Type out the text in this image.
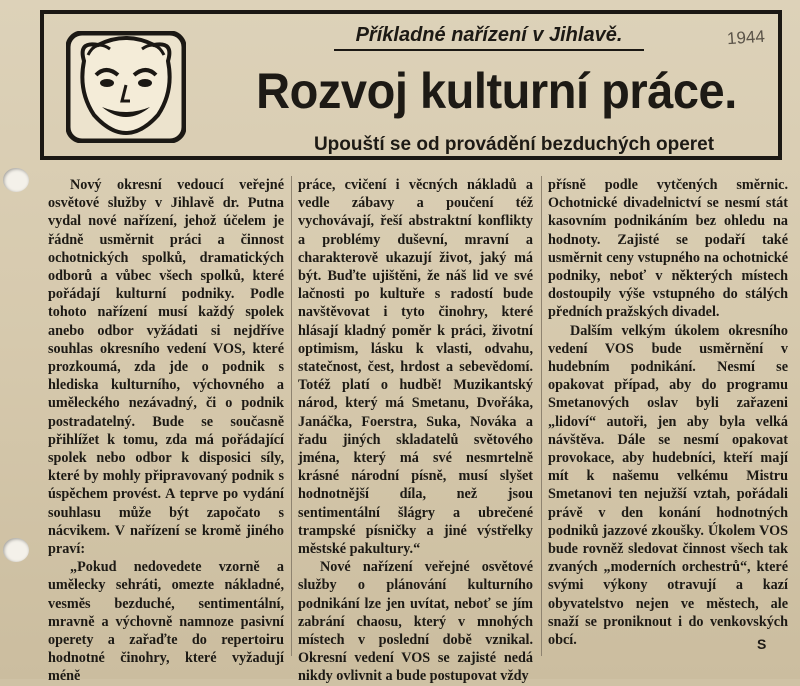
Příkladné nařízení v Jihlavě.	1944
Rozvoj kulturní práce.
Upouští se od provádění bezduchých operet

Nový okresní vedoucí veřejné osvětové služby v Jihlavě dr. Putna vydal nové nařízení, jehož účelem je řádně usměrnit práci a činnost ochotnických spolků, dramatických odborů a vůbec všech spolků, které pořádají kulturní podniky. Podle tohoto nařízení musí každý spolek anebo odbor vyžádati si nejdříve souhlas okresního vedení VOS, které prozkoumá, zda jde o podnik s hlediska kulturního, výchovného a uměleckého nezávadný, či o podnik postradatelný. Bude se současně přihlížet k tomu, zda má pořádající spolek nebo odbor k disposici síly, které by mohly připravovaný podnik s úspěchem provést. A teprve po vydání souhlasu může být započato s nácvikem. V nařízení se kromě jiného praví:

„Pokud nedovedete vzorně a umělecky sehráti, omezte nákladné, vesměs bezduché, sentimentální, mravně a výchovně namnoze pasivní operety a zařaďte do repertoiru hodnotné činohry, které vyžadují méně

práce, cvičení i věcných nákladů a vedle zábavy a poučení též vychovávají, řeší abstraktní konflikty a problémy duševní, mravní a charakterově ukazují život, jaký má být. Buďte ujištěni, že náš lid ve své lačnosti po kultuře s radostí bude navštěvovat i tyto činohry, které hlásají kladný poměr k práci, životní optimism, lásku k vlasti, odvahu, statečnost, čest, hrdost a sebevědomí. Totéž platí o hudbě! Muzikantský národ, který má Smetanu, Dvořáka, Janáčka, Foerstra, Suka, Nováka a řadu jiných skladatelů světového jména, který má své nesmrtelně krásné národní písně, musí slyšet hodnotnější díla, než jsou sentimentální šlágry a ubrečené trampské písničky a jiné výstřelky městské pakultury.“

Nové nařízení veřejné osvětové služby o plánování kulturního podnikání lze jen uvítat, neboť se jím zabrání chaosu, který v mnohých místech v poslední době vznikal. Okresní vedení VOS se zajisté nedá nikdy ovlivnit a bude postupovat vždy

přísně podle vytčených směrnic. Ochotnické divadelnictví se nesmí stát kasovním podnikáním bez ohledu na hodnoty. Zajisté se podaří také usměrnit ceny vstupného na ochotnické podniky, neboť v některých místech dostoupily výše vstupného do stálých předních pražských divadel.

Dalším velkým úkolem okresního vedení VOS bude usměrnění v hudebním podnikání. Nesmí se opakovat případ, aby do programu Smetanových oslav byli zařazeni „lidoví“ autoři, jen aby byla velká návštěva. Dále se nesmí opakovat provokace, aby hudebníci, kteří mají mít k našemu velkému Mistru Smetanovi ten nejužší vztah, pořádali právě v den konání hodnotných podniků jazzové zkoušky. Úkolem VOS bude rovněž sledovat činnost všech tak zvaných „moderních orchestrů“, které svými výkony otravují a kazí obyvatelstvo nejen ve městech, ale snaží se proniknout i do venkovských obcí.	S
